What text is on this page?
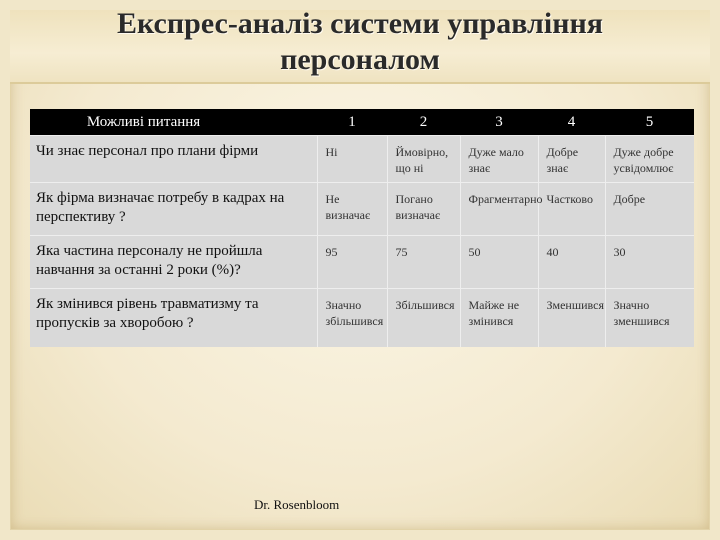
Експрес-аналіз системи управління
персоналом
Можливі питання	1	2	3	4	5
Чи знає персонал про плани фірми	Ні	Ймовірно, що ні	Дуже мало знає	Добре знає	Дуже добре усвідомлює
Як фірма визначає потребу в кадрах на перспективу ?	Не визначає	Погано визначає	Фрагментарно	Частково	Добре
Яка частина персоналу не пройшла навчання за останні 2 роки (%)?	95	75	50	40	30
Як змінився рівень травматизму та пропусків за хворобою ?	Значно збільшився	Збільшився	Майже не змінився	Зменшився	Значно зменшився
Dr. Rosenbloom
